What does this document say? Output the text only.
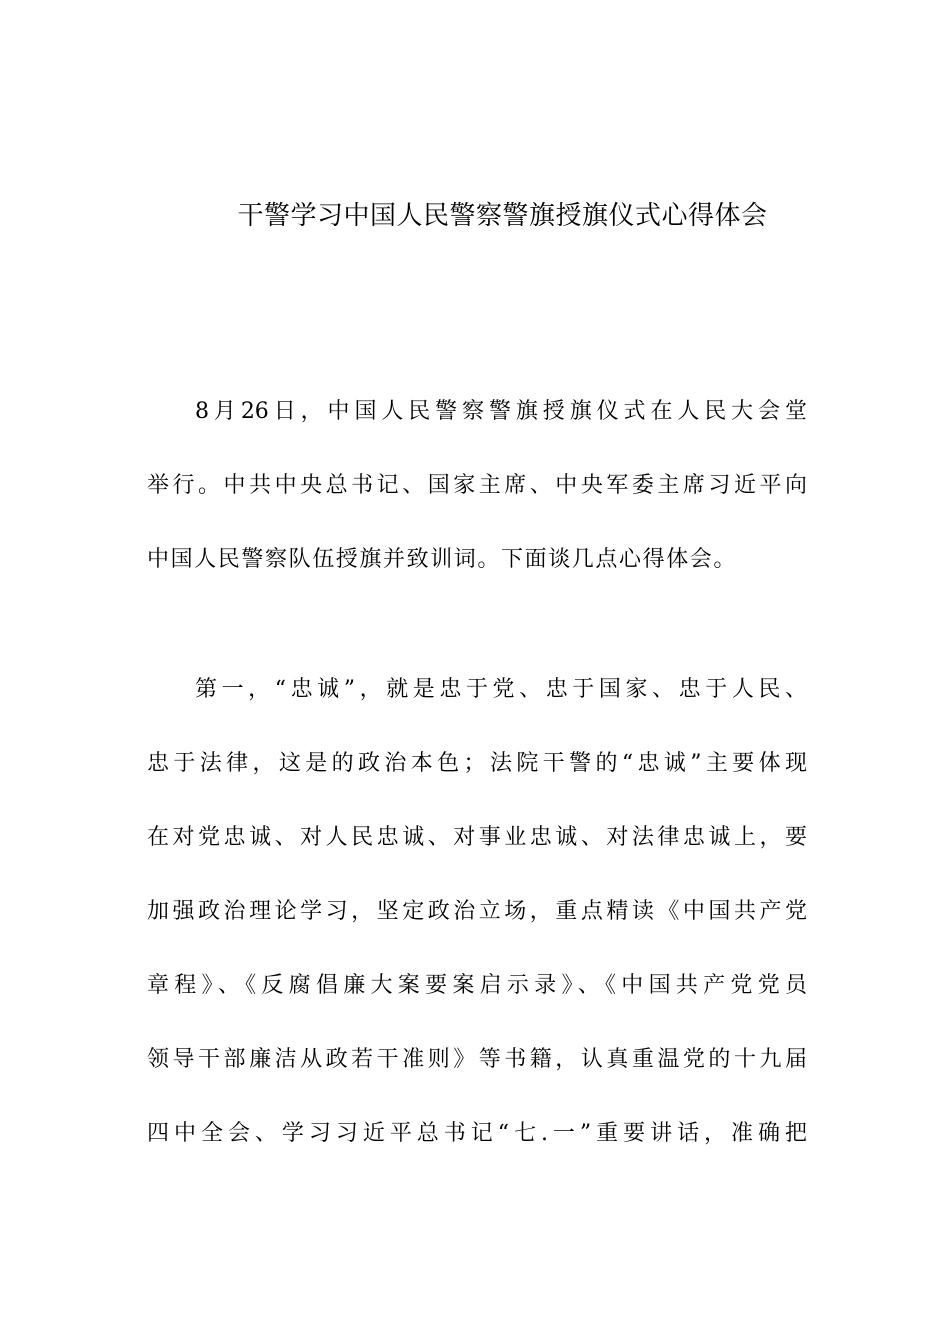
干警学习中国人民警察警旗授旗仪式心得体会
8月26日，中国人民警察警旗授旗仪式在人民大会堂
举行。中共中央总书记、国家主席、中央军委主席习近平向
中国人民警察队伍授旗并致训词。下面谈几点心得体会。
第一，“忠诚”，就是忠于党、忠于国家、忠于人民、
忠于法律，这是的政治本色；法院干警的“忠诚”主要体现
在对党忠诚、对人民忠诚、对事业忠诚、对法律忠诚上，要
加强政治理论学习，坚定政治立场，重点精读《中国共产党
章程》、《反腐倡廉大案要案启示录》、《中国共产党党员
领导干部廉洁从政若干准则》等书籍，认真重温党的十九届
四中全会、学习习近平总书记“七.一”重要讲话，准确把
